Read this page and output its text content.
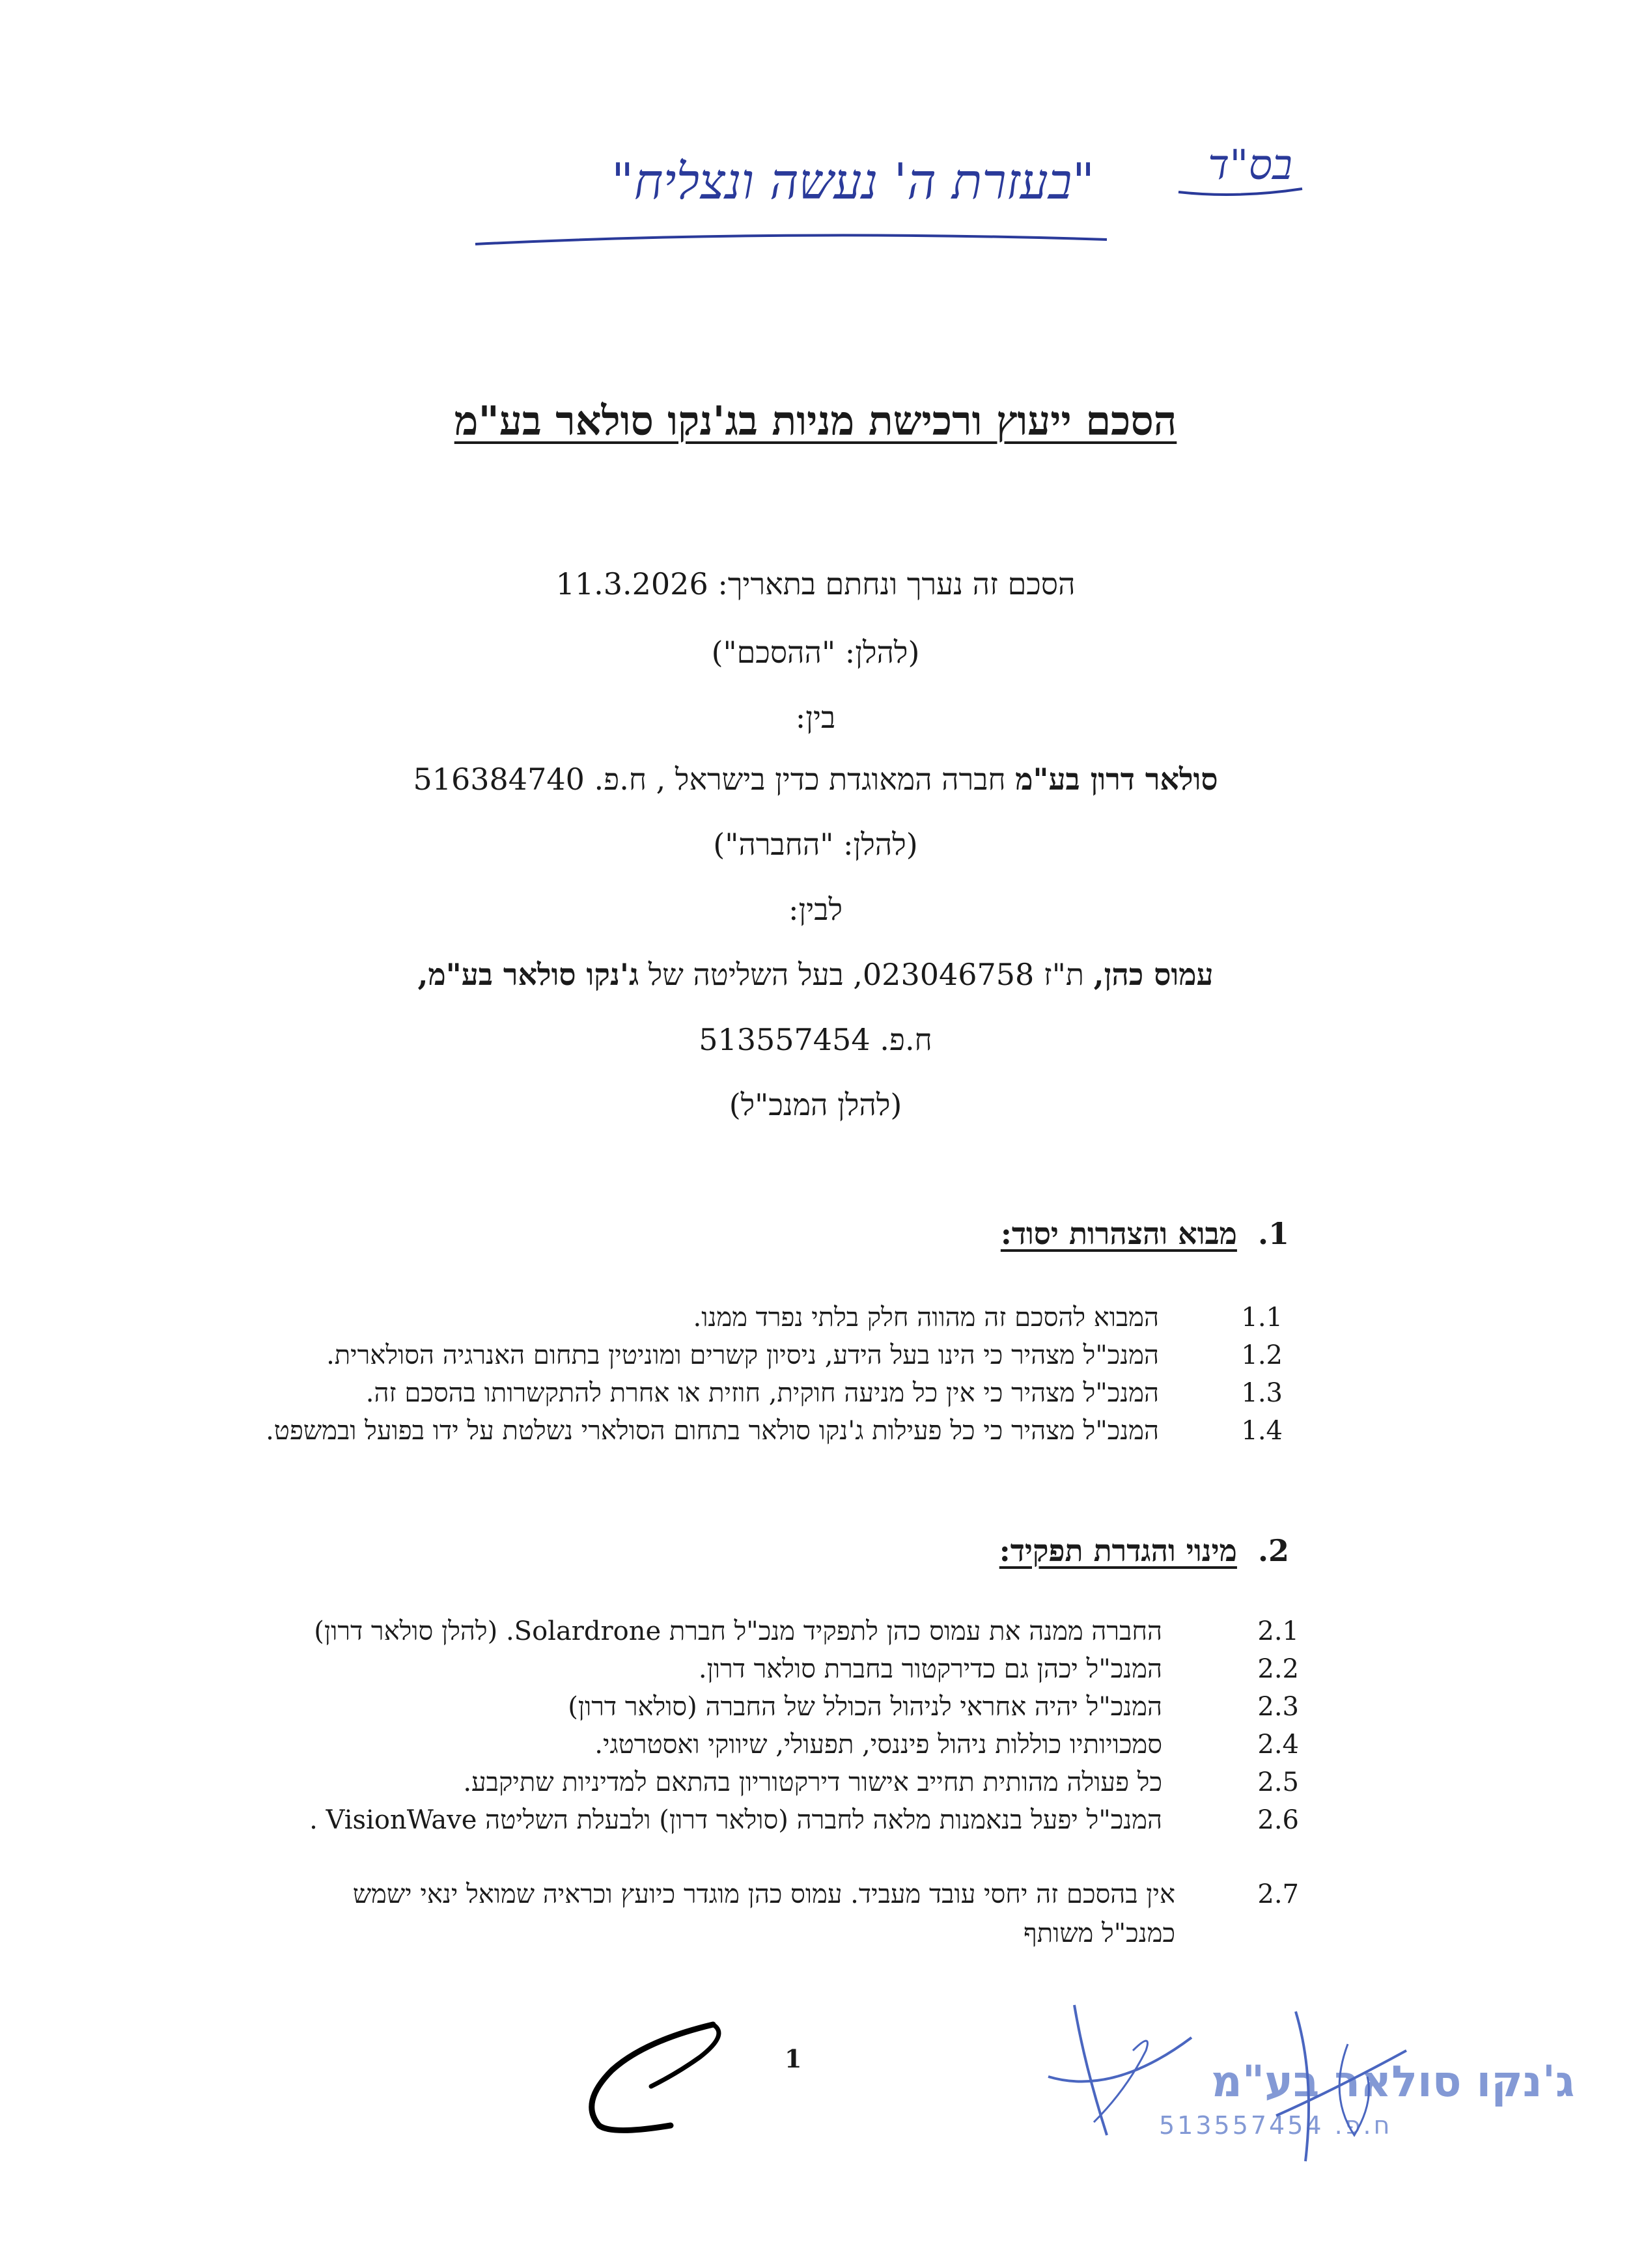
בס"ד
"בעזרת ה' נעשה ונצליח"
הסכם ייעוץ ורכישת מניות בג'נקו סולאר בע"מ

הסכם זה נערך ונחתם בתאריך: 11.3.2026

(להלן: "ההסכם")

בין:

סולאר דרון בע"מ חברה המאוגדת כדין בישראל , ח.פ. 516384740

(להלן: "החברה")

לבין:

עמוס כהן, ת"ז 023046758, בעל השליטה של ג'נקו סולאר בע"מ,

ח.פ. 513557454

(להלן המנכ"ל)

1.  מבוא והצהרות יסוד:

1.1המבוא להסכם זה מהווה חלק בלתי נפרד ממנו.

1.2המנכ"ל מצהיר כי הינו בעל הידע, ניסיון קשרים ומוניטין בתחום האנרגיה הסולארית.

1.3המנכ"ל מצהיר כי אין כל מניעה חוקית, חוזית או אחרת להתקשרותו בהסכם זה.

1.4המנכ"ל מצהיר כי כל פעילות ג'נקו סולאר בתחום הסולארי נשלטת על ידו בפועל ובמשפט.

2.  מינוי והגדרת תפקיד:

2.1החברה ממנה את עמוס כהן לתפקיד מנכ"ל חברת Solardrone. (להלן סולאר דרון)

2.2המנכ"ל יכהן גם כדירקטור בחברת סולאר דרון.

2.3המנכ"ל יהיה אחראי לניהול הכולל של החברה (סולאר דרון)

2.4סמכויותיו כוללות ניהול פיננסי, תפעולי, שיווקי ואסטרטגי.

2.5כל פעולה מהותית תחייב אישור דירקטוריון בהתאם למדיניות שתיקבע.

2.6המנכ"ל יפעל בנאמנות מלאה לחברה (סולאר דרון) ולבעלת השליטה VisionWave .

2.7
אין בהסכם זה יחסי עובד מעביד. עמוס כהן מוגדר כיועץ וכראיה שמואל ינאי ישמש כמנכ"ל משותף

1	ג'נקו סולאר בע"מ
ח.פ. 513557454
